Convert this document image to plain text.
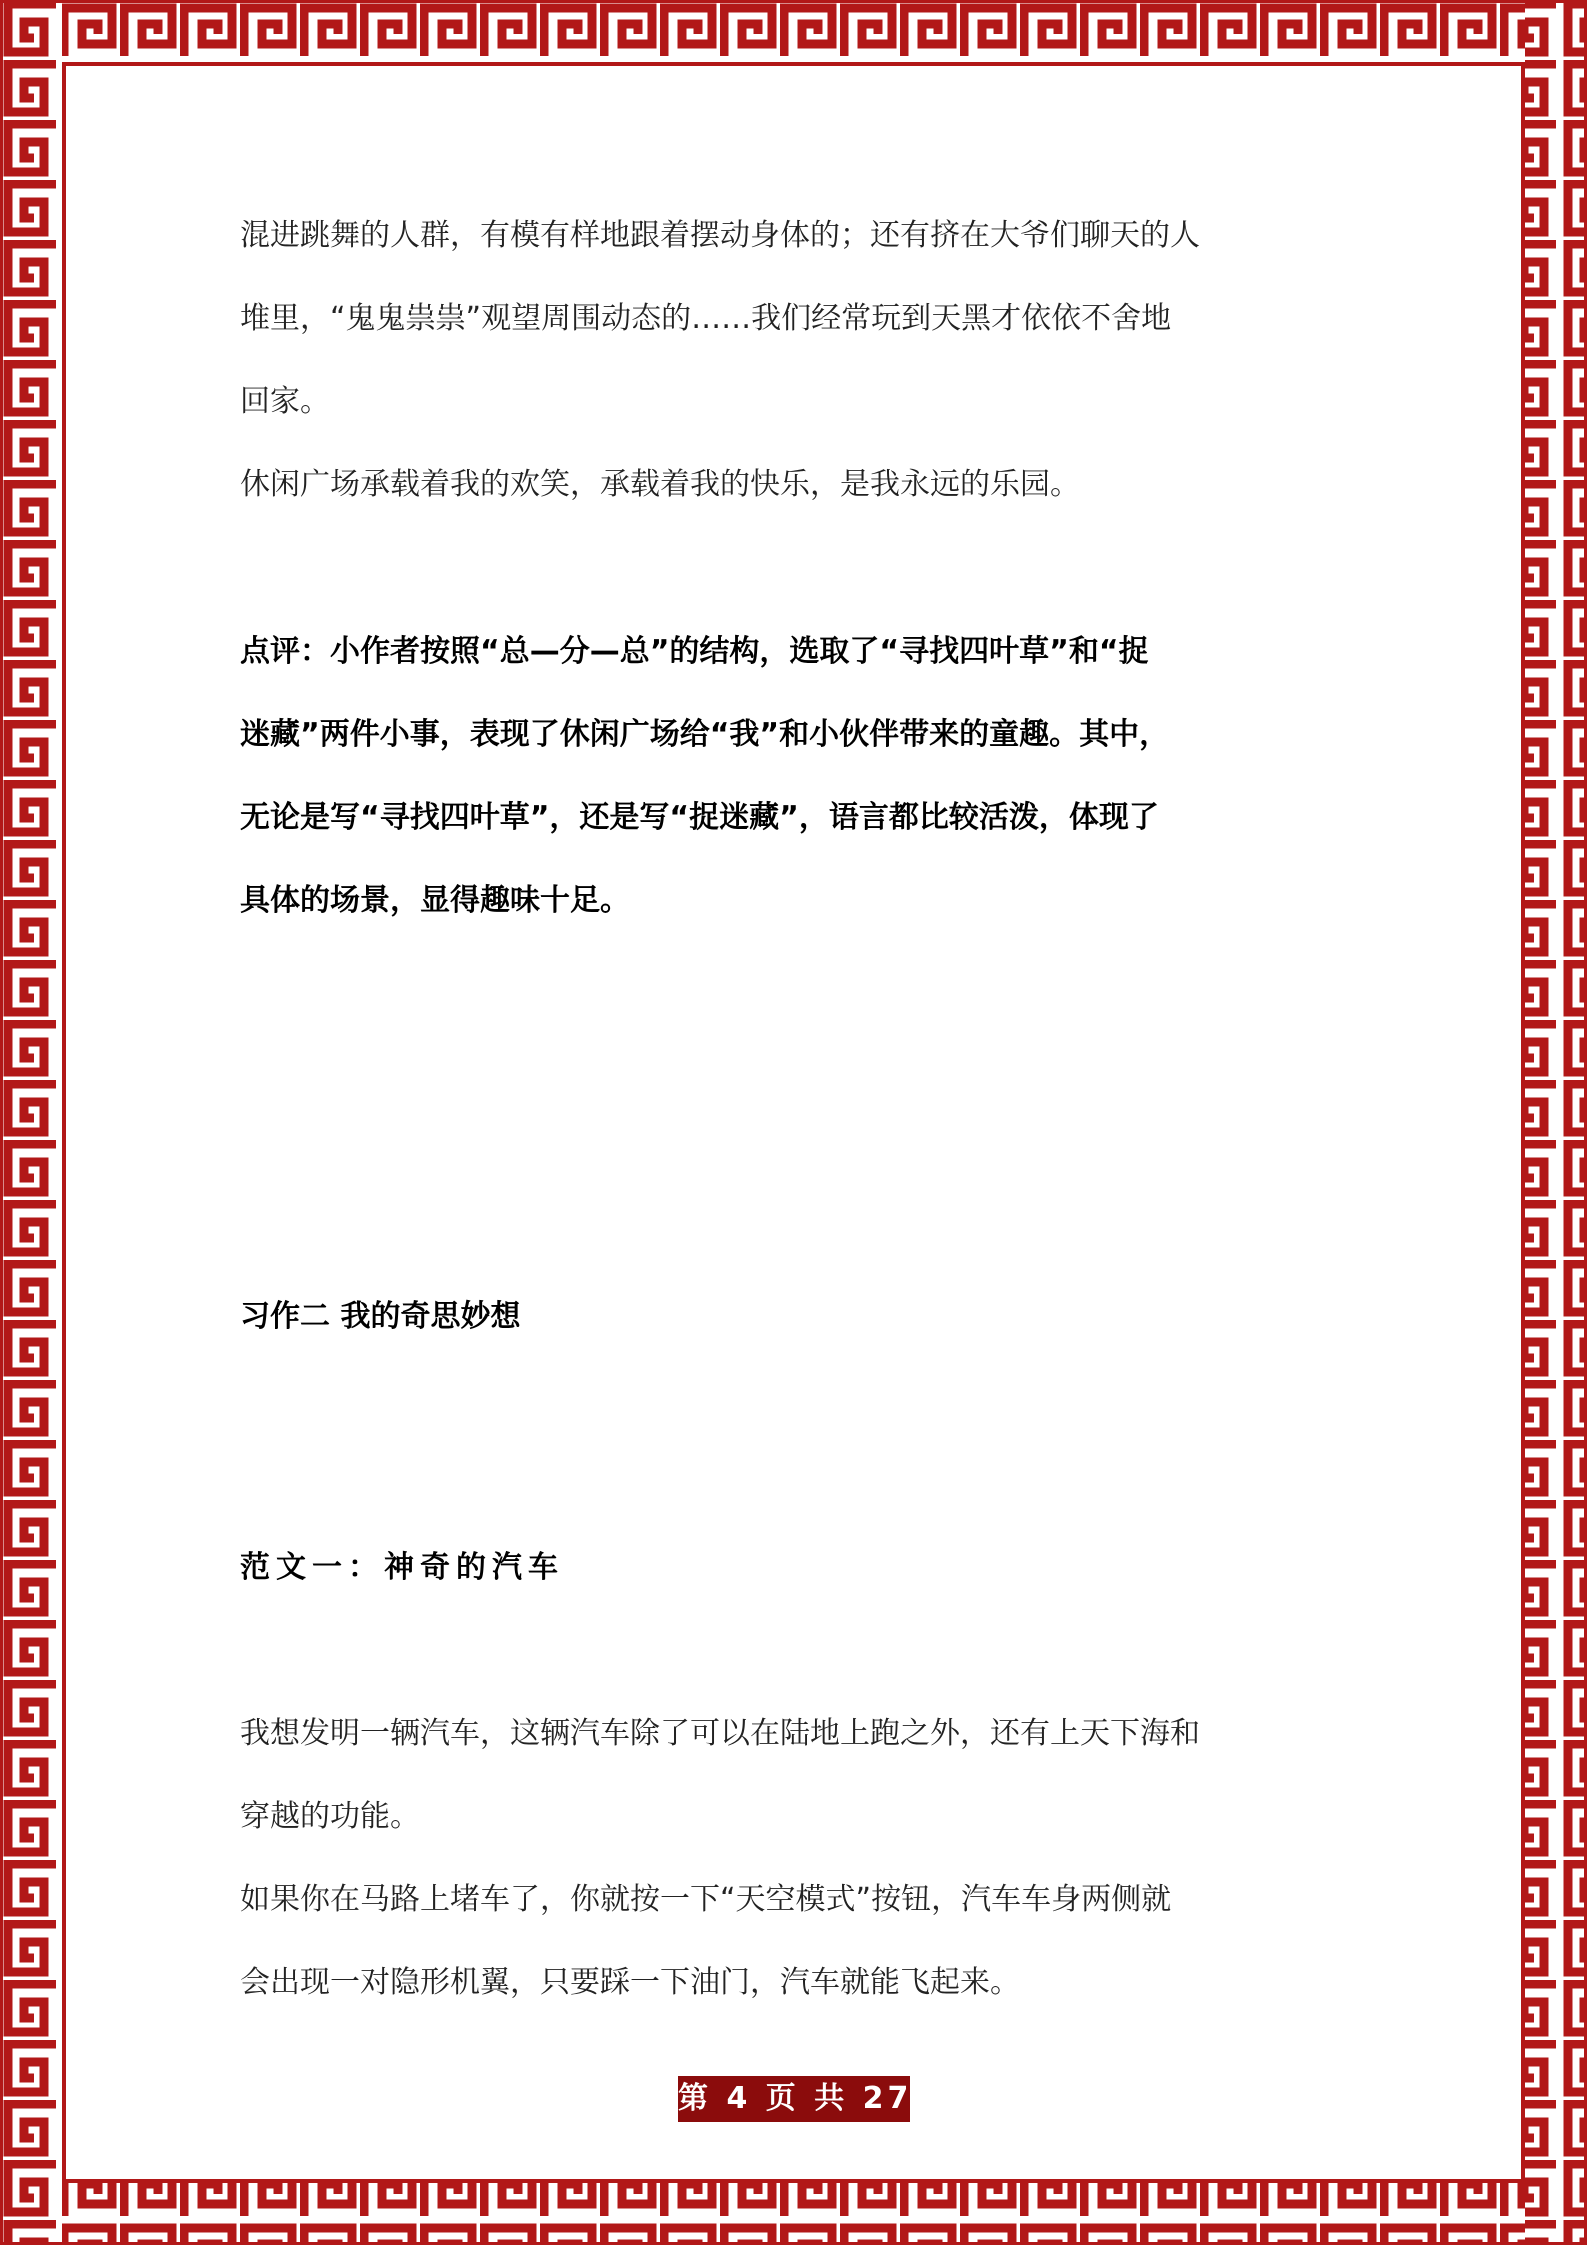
混进跳舞的人群，有模有样地跟着摆动身体的；还有挤在大爷们聊天的人
堆里，“鬼鬼祟祟”观望周围动态的……我们经常玩到天黑才依依不舍地
回家。
休闲广场承载着我的欢笑，承载着我的快乐，是我永远的乐园。
点评：小作者按照“总—分—总”的结构，选取了“寻找四叶草”和“捉
迷藏”两件小事，表现了休闲广场给“我”和小伙伴带来的童趣。其中，
无论是写“寻找四叶草”，还是写“捉迷藏”，语言都比较活泼，体现了
具体的场景，显得趣味十足。
习作二 我的奇思妙想
范文一：神奇的汽车
我想发明一辆汽车，这辆汽车除了可以在陆地上跑之外，还有上天下海和
穿越的功能。
如果你在马路上堵车了，你就按一下“天空模式”按钮，汽车车身两侧就
会出现一对隐形机翼，只要踩一下油门，汽车就能飞起来。
第 4 页 共 27 页
